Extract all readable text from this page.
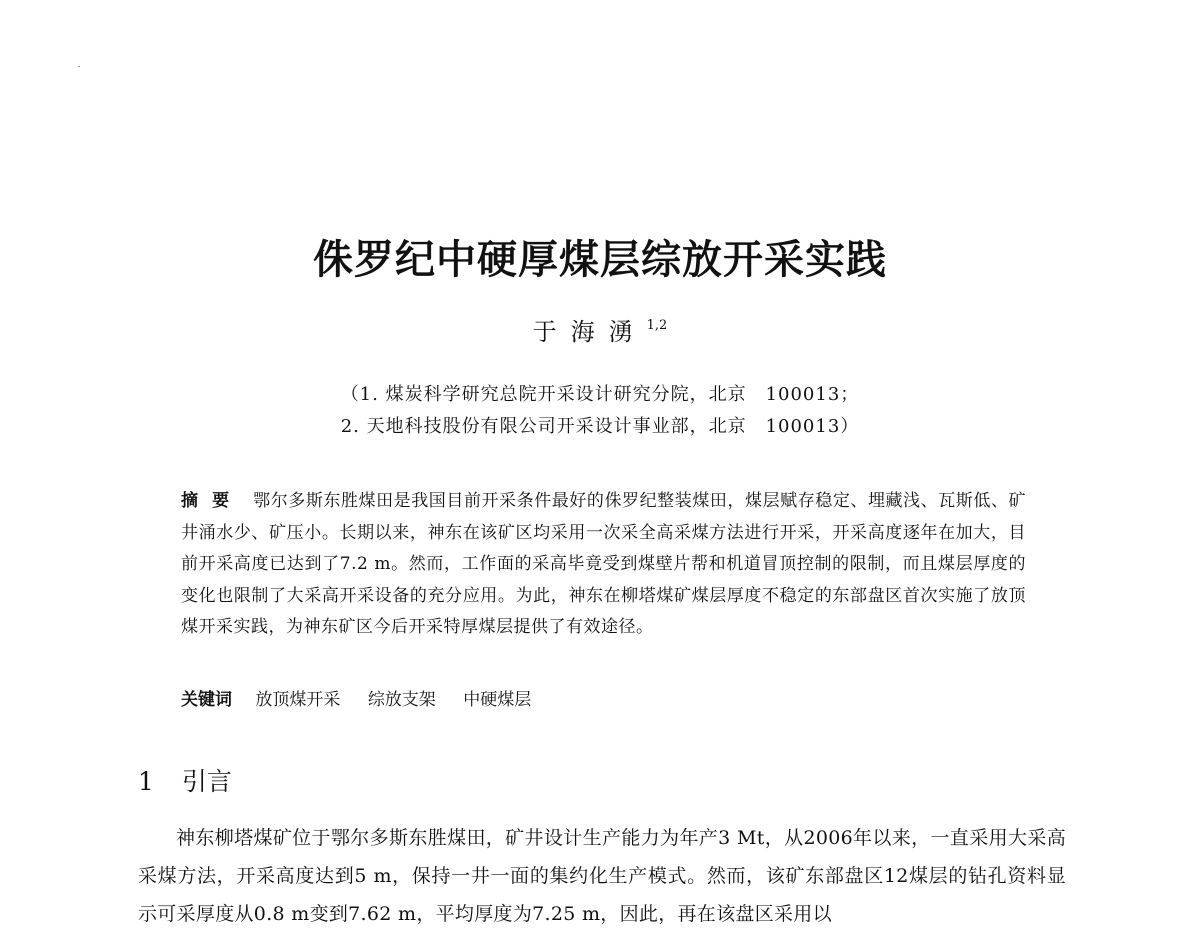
侏罗纪中硬厚煤层综放开采实践
于海湧$^{1,2}$
（1. 煤炭科学研究总院开采设计研究分院，北京　100013；
2. 天地科技股份有限公司开采设计事业部，北京　100013）
摘要 鄂尔多斯东胜煤田是我国目前开采条件最好的侏罗纪整装煤田，煤层赋存稳定、埋藏浅、瓦斯低、矿井涌水少、矿压小。长期以来，神东在该矿区均采用一次采全高采煤方法进行开采，开采高度逐年在加大，目前开采高度已达到了7.2 m。然而，工作面的采高毕竟受到煤壁片帮和机道冒顶控制的限制，而且煤层厚度的变化也限制了大采高开采设备的充分应用。为此，神东在柳塔煤矿煤层厚度不稳定的东部盘区首次实施了放顶煤开采实践，为神东矿区今后开采特厚煤层提供了有效途径。
关键词 放顶煤开采 综放支架 中硬煤层
1 引言
神东柳塔煤矿位于鄂尔多斯东胜煤田，矿井设计生产能力为年产3 Mt，从2006年以来，一直采用大采高采煤方法，开采高度达到5 m，保持一井一面的集约化生产模式。然而，该矿东部盘区12煤层的钻孔资料显示可采厚度从0.8 m变到7.62 m，平均厚度为7.25 m，因此，再在该盘区采用以
